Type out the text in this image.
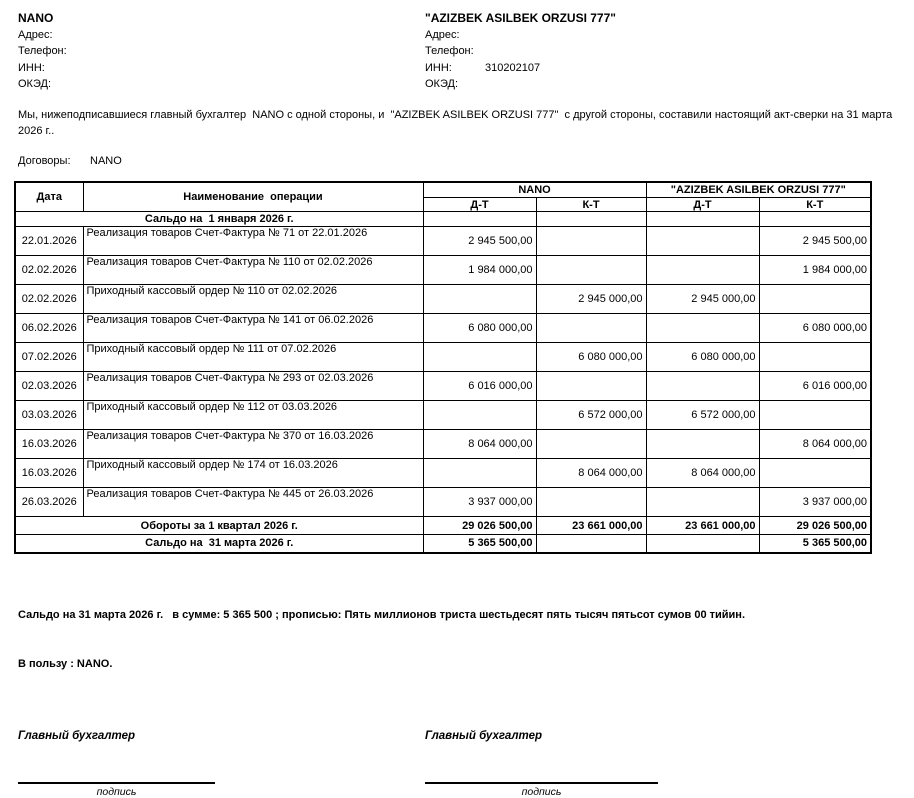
NANO
Адрес:
Телефон:
ИНН:
ОКЭД:
"AZIZBEK ASILBEK ORZUSI 777"
Адрес:
Телефон:
ИНН:	310202107
ОКЭД:

Мы, нижеподписавшиеся главный бухгалтер  NANO с одной стороны, и  "AZIZBEK ASILBEK ORZUSI 777"  с другой стороны, составили настоящий акт-сверки на 31 марта 2026 г..

Договоры: NANO
Дата	Наименование  операции	NANO		"AZIZBEK ASILBEK ORZUSI 777"	
		Д-Т	К-Т	Д-Т	К-Т
Сальдо на  1 января 2026 г.					
22.01.2026	Реализация товаров Счет-Фактура № 71 от 22.01.2026	2 945 500,00			2 945 500,00
02.02.2026	Реализация товаров Счет-Фактура № 110 от 02.02.2026	1 984 000,00			1 984 000,00
02.02.2026	Приходный кассовый ордер № 110 от 02.02.2026		2 945 000,00	2 945 000,00	
06.02.2026	Реализация товаров Счет-Фактура № 141 от 06.02.2026	6 080 000,00			6 080 000,00
07.02.2026	Приходный кассовый ордер № 111 от 07.02.2026		6 080 000,00	6 080 000,00	
02.03.2026	Реализация товаров Счет-Фактура № 293 от 02.03.2026	6 016 000,00			6 016 000,00
03.03.2026	Приходный кассовый ордер № 112 от 03.03.2026		6 572 000,00	6 572 000,00	
16.03.2026	Реализация товаров Счет-Фактура № 370 от 16.03.2026	8 064 000,00			8 064 000,00
16.03.2026	Приходный кассовый ордер № 174 от 16.03.2026		8 064 000,00	8 064 000,00	
26.03.2026	Реализация товаров Счет-Фактура № 445 от 26.03.2026	3 937 000,00			3 937 000,00
Обороты за 1 квартал 2026 г.		29 026 500,00	23 661 000,00	23 661 000,00	29 026 500,00
Сальдо на  31 марта 2026 г.		5 365 500,00			5 365 500,00

Сальдо на 31 марта 2026 г.   в сумме: 5 365 500 ; прописью: Пять миллионов триста шестьдесят пять тысяч пятьсот сумов 00 тийин.

В пользу : NANO.

Главный бухгалтер	Главный бухгалтер
подпись	подпись
